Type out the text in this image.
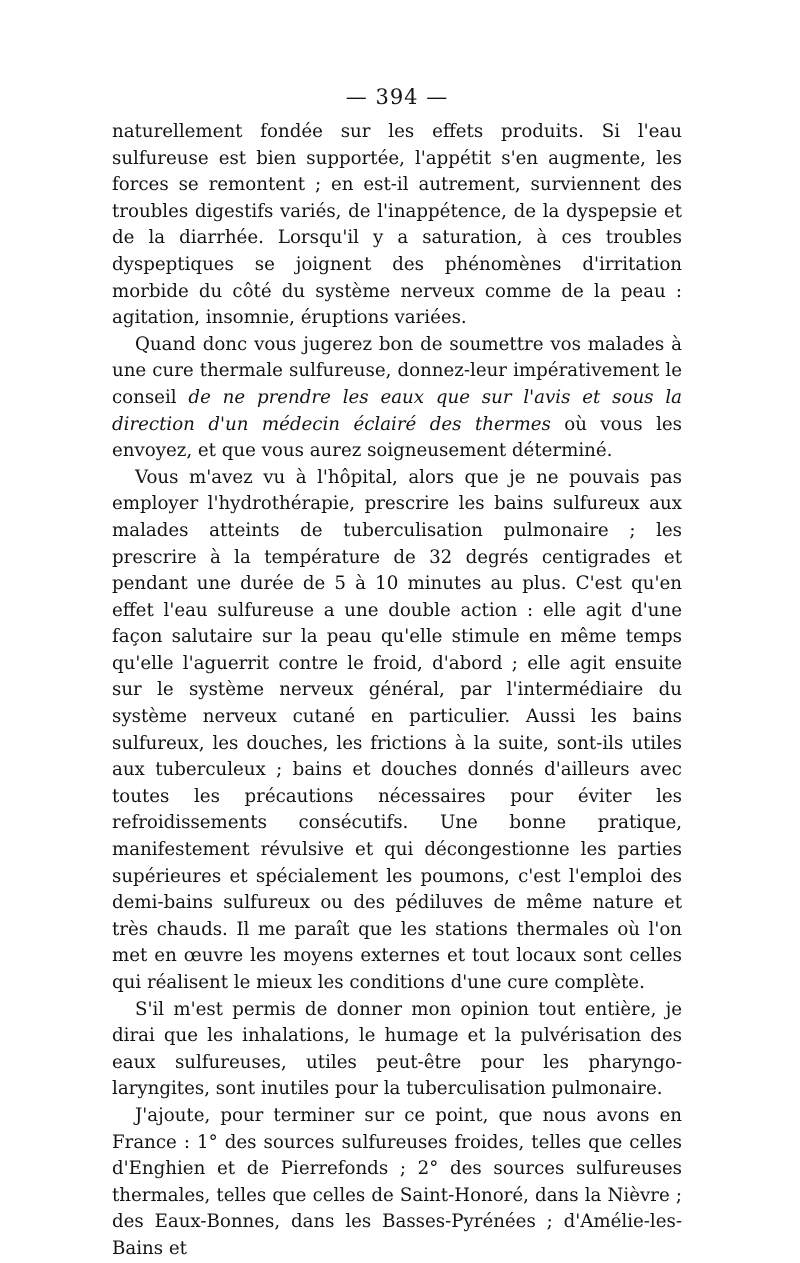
— 394 —

naturellement fondée sur les effets produits. Si l'eau sulfureuse est bien supportée, l'appétit s'en augmente, les forces se remontent ; en est-il autrement, surviennent des troubles digestifs variés, de l'inappétence, de la dyspepsie et de la diarrhée. Lorsqu'il y a saturation, à ces troubles dyspeptiques se joignent des phénomènes d'irritation morbide du côté du système nerveux comme de la peau : agitation, insomnie, éruptions variées.

Quand donc vous jugerez bon de soumettre vos malades à une cure thermale sulfureuse, donnez-leur impérativement le conseil de ne prendre les eaux que sur l'avis et sous la direction d'un médecin éclairé des thermes où vous les envoyez, et que vous aurez soigneusement déterminé.

Vous m'avez vu à l'hôpital, alors que je ne pouvais pas employer l'hydrothérapie, prescrire les bains sulfureux aux malades atteints de tuberculisation pulmonaire ; les prescrire à la température de 32 degrés centigrades et pendant une durée de 5 à 10 minutes au plus. C'est qu'en effet l'eau sulfureuse a une double action : elle agit d'une façon salutaire sur la peau qu'elle stimule en même temps qu'elle l'aguerrit contre le froid, d'abord ; elle agit ensuite sur le système nerveux général, par l'intermédiaire du système nerveux cutané en particulier. Aussi les bains sulfureux, les douches, les frictions à la suite, sont-ils utiles aux tuberculeux ; bains et douches donnés d'ailleurs avec toutes les précautions nécessaires pour éviter les refroidissements consécutifs. Une bonne pratique, manifestement révulsive et qui décongestionne les parties supérieures et spécialement les poumons, c'est l'emploi des demi-bains sulfureux ou des pédiluves de même nature et très chauds. Il me paraît que les stations thermales où l'on met en œuvre les moyens externes et tout locaux sont celles qui réalisent le mieux les conditions d'une cure complète.

S'il m'est permis de donner mon opinion tout entière, je dirai que les inhalations, le humage et la pulvérisation des eaux sulfureuses, utiles peut-être pour les pharyngo-laryngites, sont inutiles pour la tuberculisation pulmonaire.

J'ajoute, pour terminer sur ce point, que nous avons en France : 1° des sources sulfureuses froides, telles que celles d'Enghien et de Pierrefonds ; 2° des sources sulfureuses thermales, telles que celles de Saint-Honoré, dans la Nièvre ; des Eaux-Bonnes, dans les Basses-Pyrénées ; d'Amélie-les-Bains et
